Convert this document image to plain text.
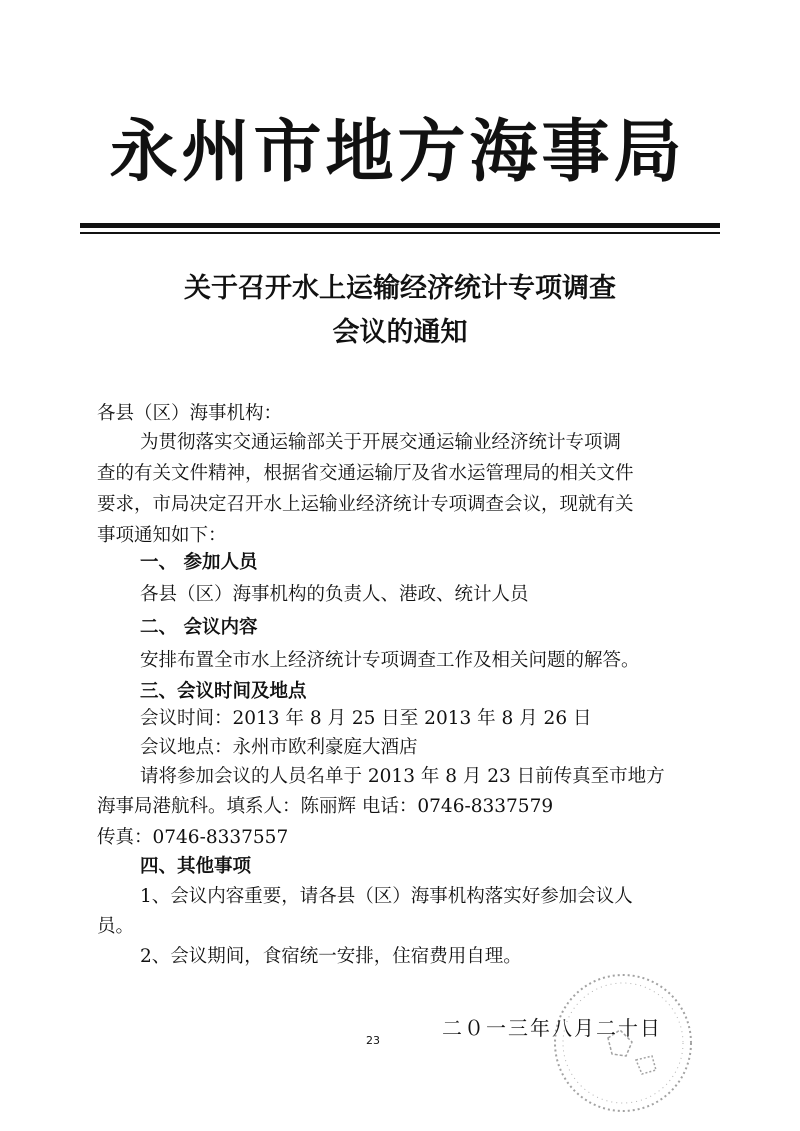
永州市地方海事局
关于召开水上运输经济统计专项调查
会议的通知
各县（区）海事机构：
为贯彻落实交通运输部关于开展交通运输业经济统计专项调
查的有关文件精神，根据省交通运输厅及省水运管理局的相关文件
要求，市局决定召开水上运输业经济统计专项调查会议，现就有关
事项通知如下：
一、 参加人员
各县（区）海事机构的负责人、港政、统计人员
二、 会议内容
安排布置全市水上经济统计专项调查工作及相关问题的解答。
三、会议时间及地点
会议时间：2013 年 8 月 25 日至 2013 年 8 月 26 日
会议地点：永州市欧利豪庭大酒店
请将参加会议的人员名单于 2013 年 8 月 23 日前传真至市地方
海事局港航科。填系人：陈丽辉 电话：0746-8337579
传真：0746-8337557
四、其他事项
1、会议内容重要，请各县（区）海事机构落实好参加会议人
员。
2、会议期间，食宿统一安排，住宿费用自理。
二０一三年八月二十日
23
